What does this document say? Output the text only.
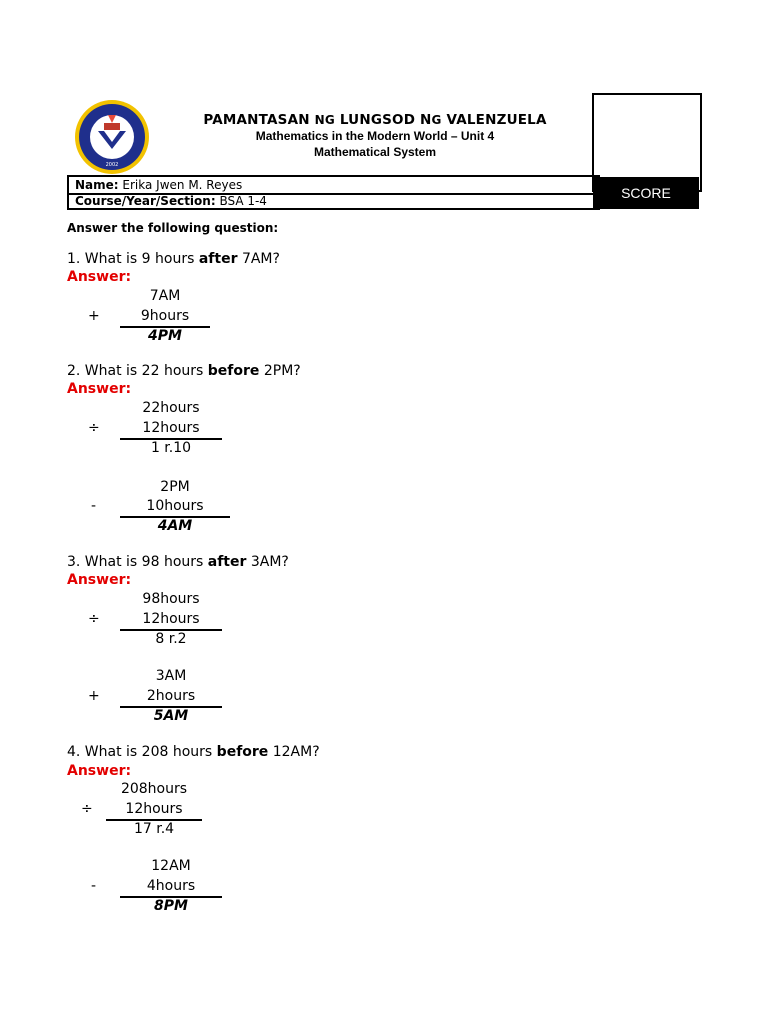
2002
PAMANTASAN NG LUNGSOD NG VALENZUELA
Mathematics in the Modern World – Unit 4
Mathematical System
SCORE
Name: Erika Jwen M. Reyes
Course/Year/Section: BSA 1-4
Answer the following question:
1. What is 9 hours after 7AM?
Answer:
7AM
+	9hours
4PM
2. What is 22 hours before 2PM?
Answer:
22hours
÷	12hours
1 r.10
2PM
-	10hours
4AM
3. What is 98 hours after 3AM?
Answer:
98hours
÷	12hours
8 r.2
3AM
+	2hours
5AM
4. What is 208 hours before 12AM?
Answer:
208hours
÷	12hours
17 r.4
12AM
-	4hours
8PM
